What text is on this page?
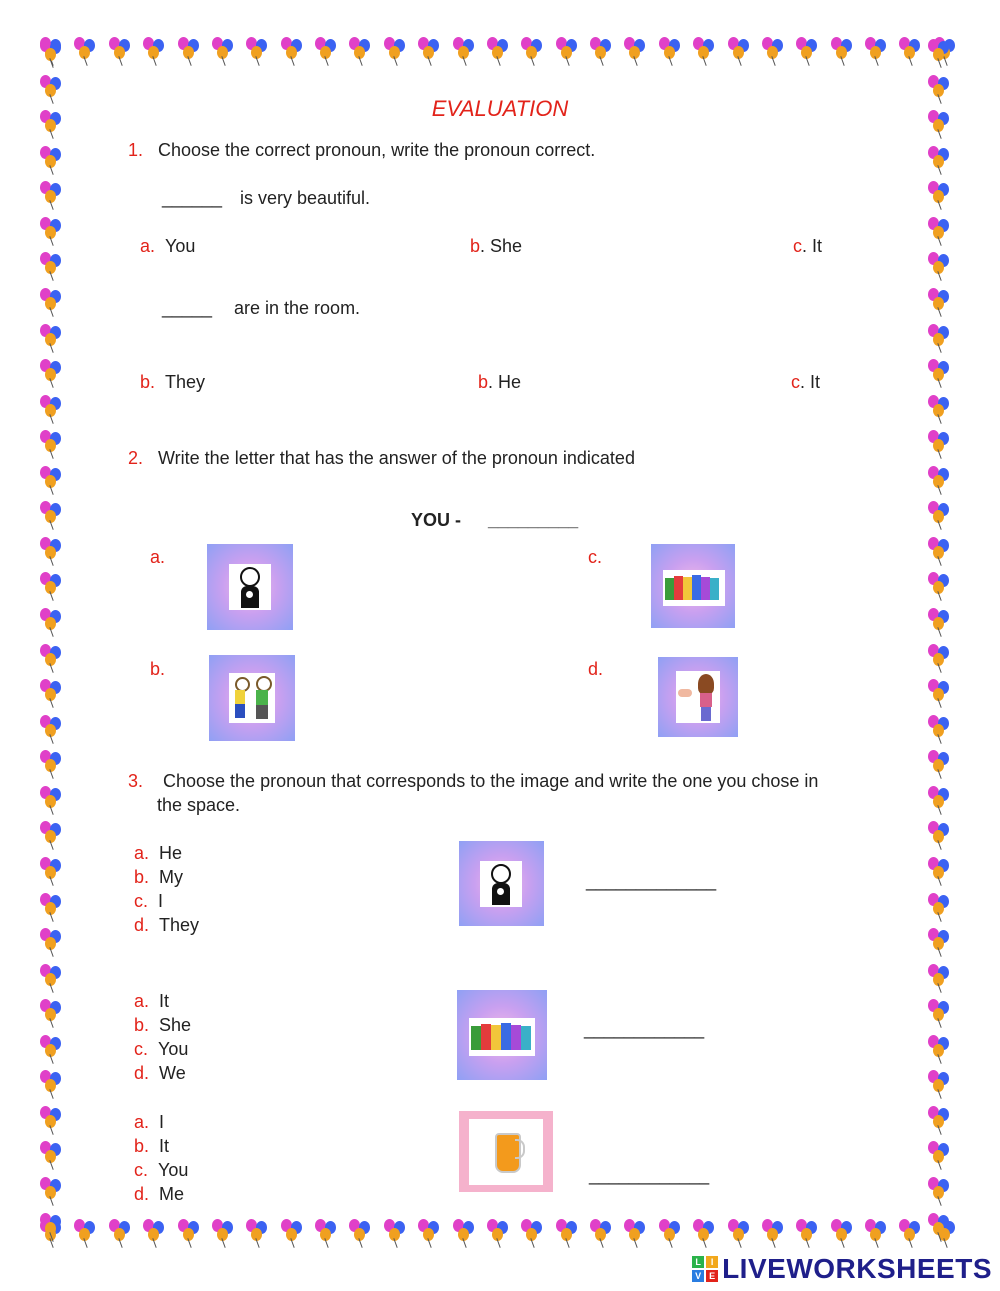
EVALUATION
1. Choose the correct pronoun, write the pronoun correct.
______ is very beautiful.
a. You	b. She	c. It
_____ are in the room.
b. They	b. He	c. It
2. Write the letter that has the answer of the pronoun indicated
YOU - _________
a.	c.
b.	d.
3. Choose the pronoun that corresponds to the image and write the one you chose in
the space.
a. He
b. My
c. I
d. They
_____________
a. It
b. She
c. You
d. We
____________
a. I
b. It
c. You
d. Me
____________
L	I
V E LIVEWORKSHEETS
